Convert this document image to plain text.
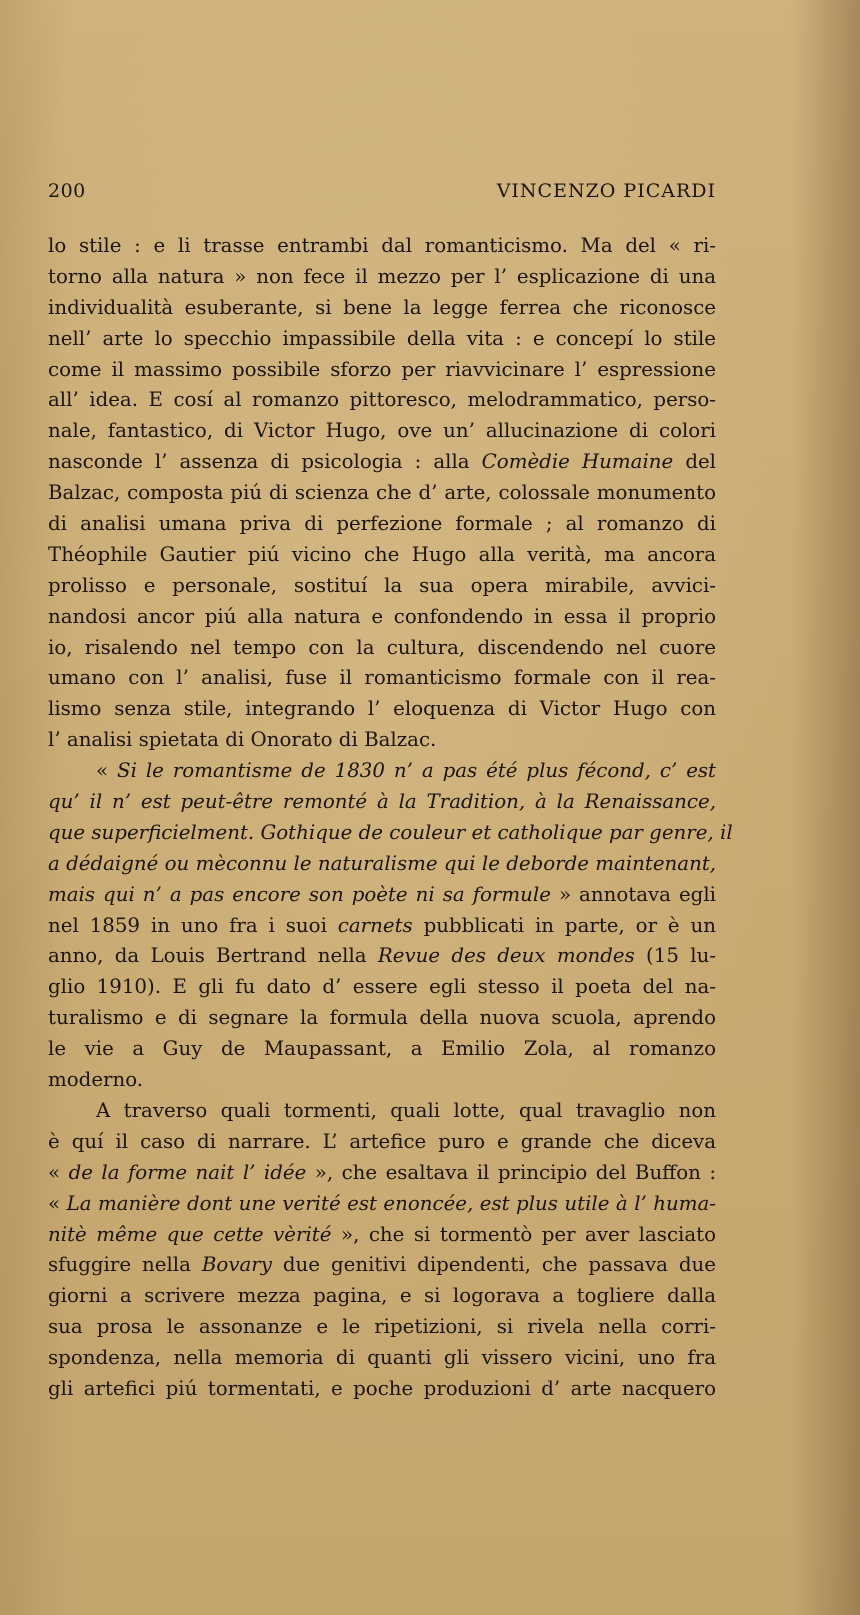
200	VINCENZO PICARDI
lo stile : e li trasse entrambi dal romanticismo. Ma del « ri-
torno alla natura » non fece il mezzo per l’ esplicazione di una
individualità esuberante, si bene la legge ferrea che riconosce
nell’ arte lo specchio impassibile della vita : e concepí lo stile
come il massimo possibile sforzo per riavvicinare l’ espressione
all’ idea. E cosí al romanzo pittoresco, melodrammatico, perso-
nale, fantastico, di Victor Hugo, ove un’ allucinazione di colori
nasconde l’ assenza di psicologia : alla Comèdie Humaine del
Balzac, composta piú di scienza che d’ arte, colossale monumento
di analisi umana priva di perfezione formale ; al romanzo di
Théophile Gautier piú vicino che Hugo alla verità, ma ancora
prolisso e personale, sostituí la sua opera mirabile, avvici-
nandosi ancor piú alla natura e confondendo in essa il proprio
io, risalendo nel tempo con la cultura, discendendo nel cuore
umano con l’ analisi, fuse il romanticismo formale con il rea-
lismo senza stile, integrando l’ eloquenza di Victor Hugo con
l’ analisi spietata di Onorato di Balzac.
« Si le romantisme de 1830 n’ a pas été plus fécond, c’ est
qu’ il n’ est peut-être remonté à la Tradition, à la Renaissance,
que superficielment. Gothique de couleur et catholique par genre, il
a dédaigné ou mèconnu le naturalisme qui le deborde maintenant,
mais qui n’ a pas encore son poète ni sa formule » annotava egli
nel 1859 in uno fra i suoi carnets pubblicati in parte, or è un
anno, da Louis Bertrand nella Revue des deux mondes (15 lu-
glio 1910). E gli fu dato d’ essere egli stesso il poeta del na-
turalismo e di segnare la formula della nuova scuola, aprendo
le vie a Guy de Maupassant, a Emilio Zola, al romanzo
moderno.
A traverso quali tormenti, quali lotte, qual travaglio non
è quí il caso di narrare. L’ artefice puro e grande che diceva
« de la forme nait l’ idée », che esaltava il principio del Buffon :
« La manière dont une verité est enoncée, est plus utile à l’ huma-
nitè même que cette vèrité », che si tormentò per aver lasciato
sfuggire nella Bovary due genitivi dipendenti, che passava due
giorni a scrivere mezza pagina, e si logorava a togliere dalla
sua prosa le assonanze e le ripetizioni, si rivela nella corri-
spondenza, nella memoria di quanti gli vissero vicini, uno fra
gli artefici piú tormentati, e poche produzioni d’ arte nacquero
